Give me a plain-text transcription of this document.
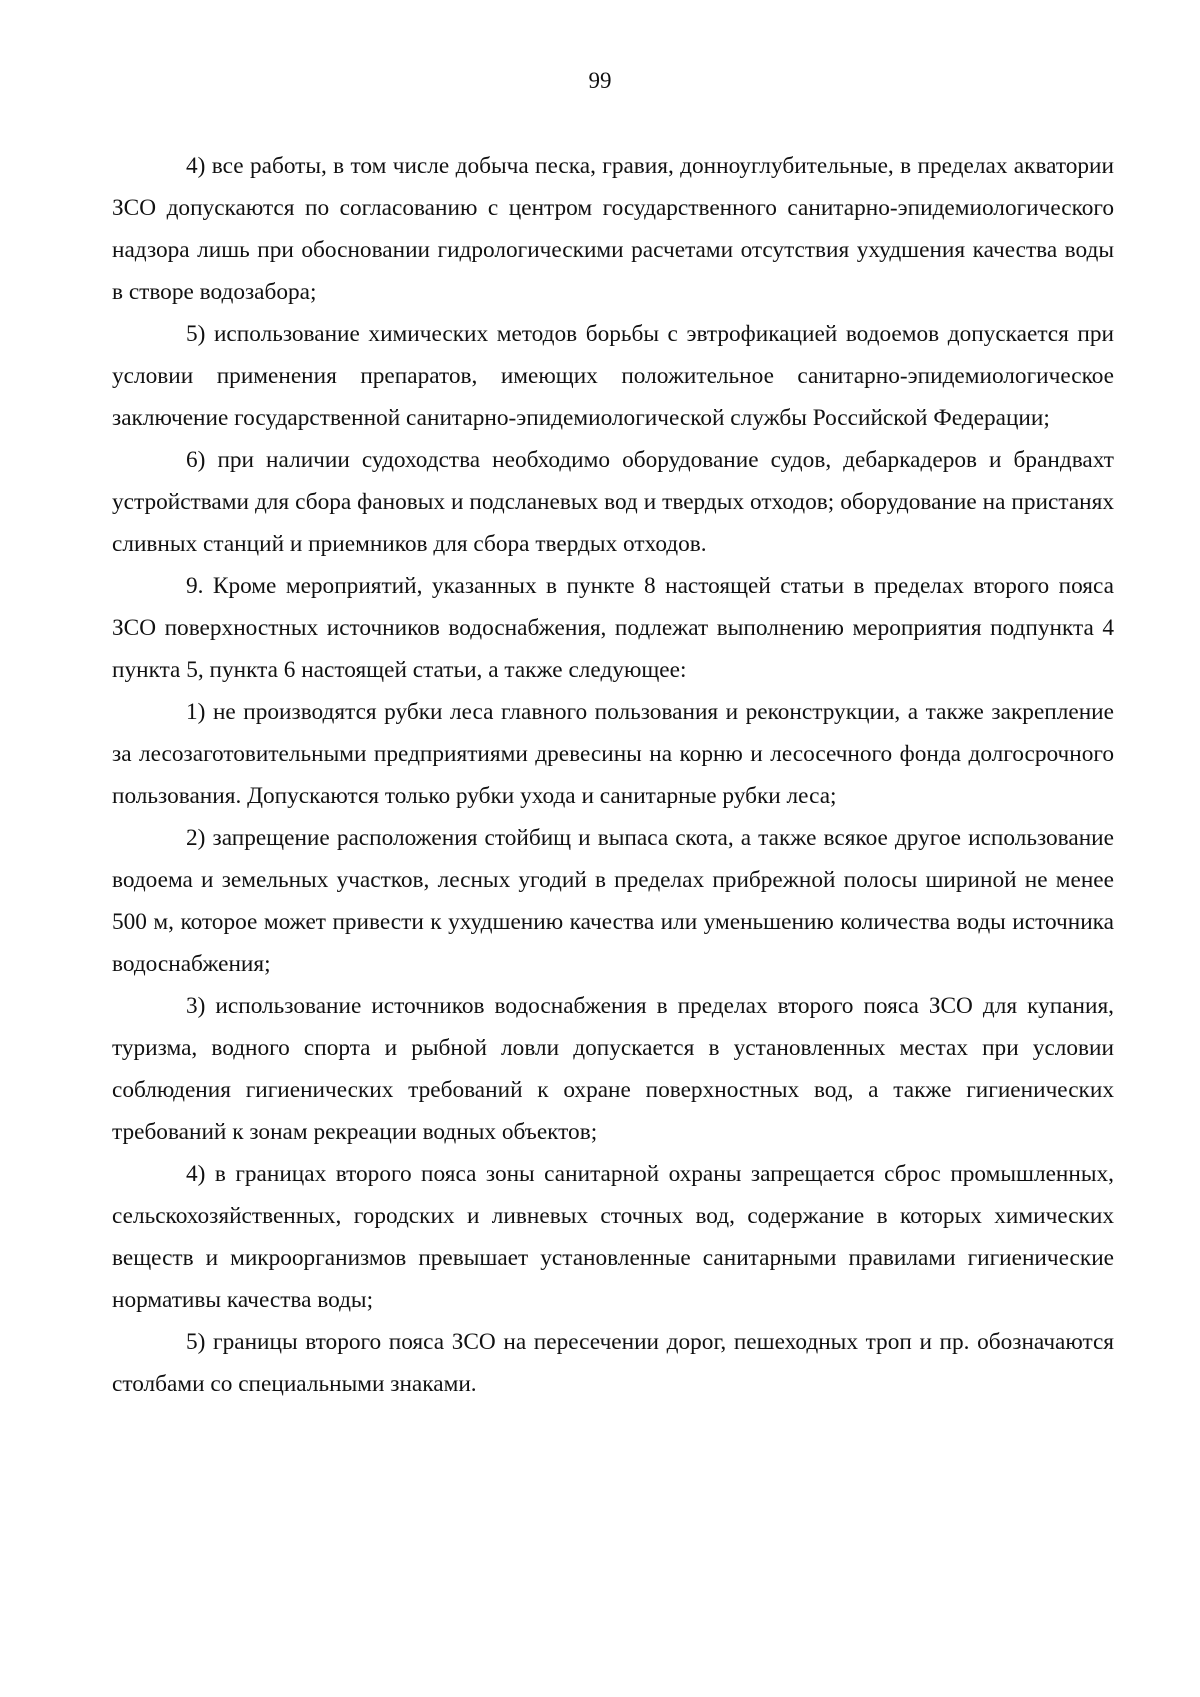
99

4) все работы, в том числе добыча песка, гравия, донноуглубительные, в пределах акватории ЗСО допускаются по согласованию с центром государственного санитарно-эпидемиологического надзора лишь при обосновании гидрологическими расчетами отсутствия ухудшения качества воды в створе водозабора;

5) использование химических методов борьбы с эвтрофикацией водоемов допускается при условии применения препаратов, имеющих положительное санитарно-эпидемиологическое заключение государственной санитарно-эпидемиологической службы Российской Федерации;

6) при наличии судоходства необходимо оборудование судов, дебаркадеров и брандвахт устройствами для сбора фановых и подсланевых вод и твердых отходов; оборудование на пристанях сливных станций и приемников для сбора твердых отходов.

9. Кроме мероприятий, указанных в пункте 8 настоящей статьи в пределах второго пояса ЗСО поверхностных источников водоснабжения, подлежат выполнению мероприятия подпункта 4 пункта 5, пункта 6 настоящей статьи, а также следующее:

1) не производятся рубки леса главного пользования и реконструкции, а также закрепление за лесозаготовительными предприятиями древесины на корню и лесосечного фонда долгосрочного пользования. Допускаются только рубки ухода и санитарные рубки леса;

2) запрещение расположения стойбищ и выпаса скота, а также всякое другое использование водоема и земельных участков, лесных угодий в пределах прибрежной полосы шириной не менее 500 м, которое может привести к ухудшению качества или уменьшению количества воды источника водоснабжения;

3) использование источников водоснабжения в пределах второго пояса ЗСО для купания, туризма, водного спорта и рыбной ловли допускается в установленных местах при условии соблюдения гигиенических требований к охране поверхностных вод, а также гигиенических требований к зонам рекреации водных объектов;

4) в границах второго пояса зоны санитарной охраны запрещается сброс промышленных, сельскохозяйственных, городских и ливневых сточных вод, содержание в которых химических веществ и микроорганизмов превышает установленные санитарными правилами гигиенические нормативы качества воды;

5) границы второго пояса ЗСО на пересечении дорог, пешеходных троп и пр. обозначаются столбами со специальными знаками.
